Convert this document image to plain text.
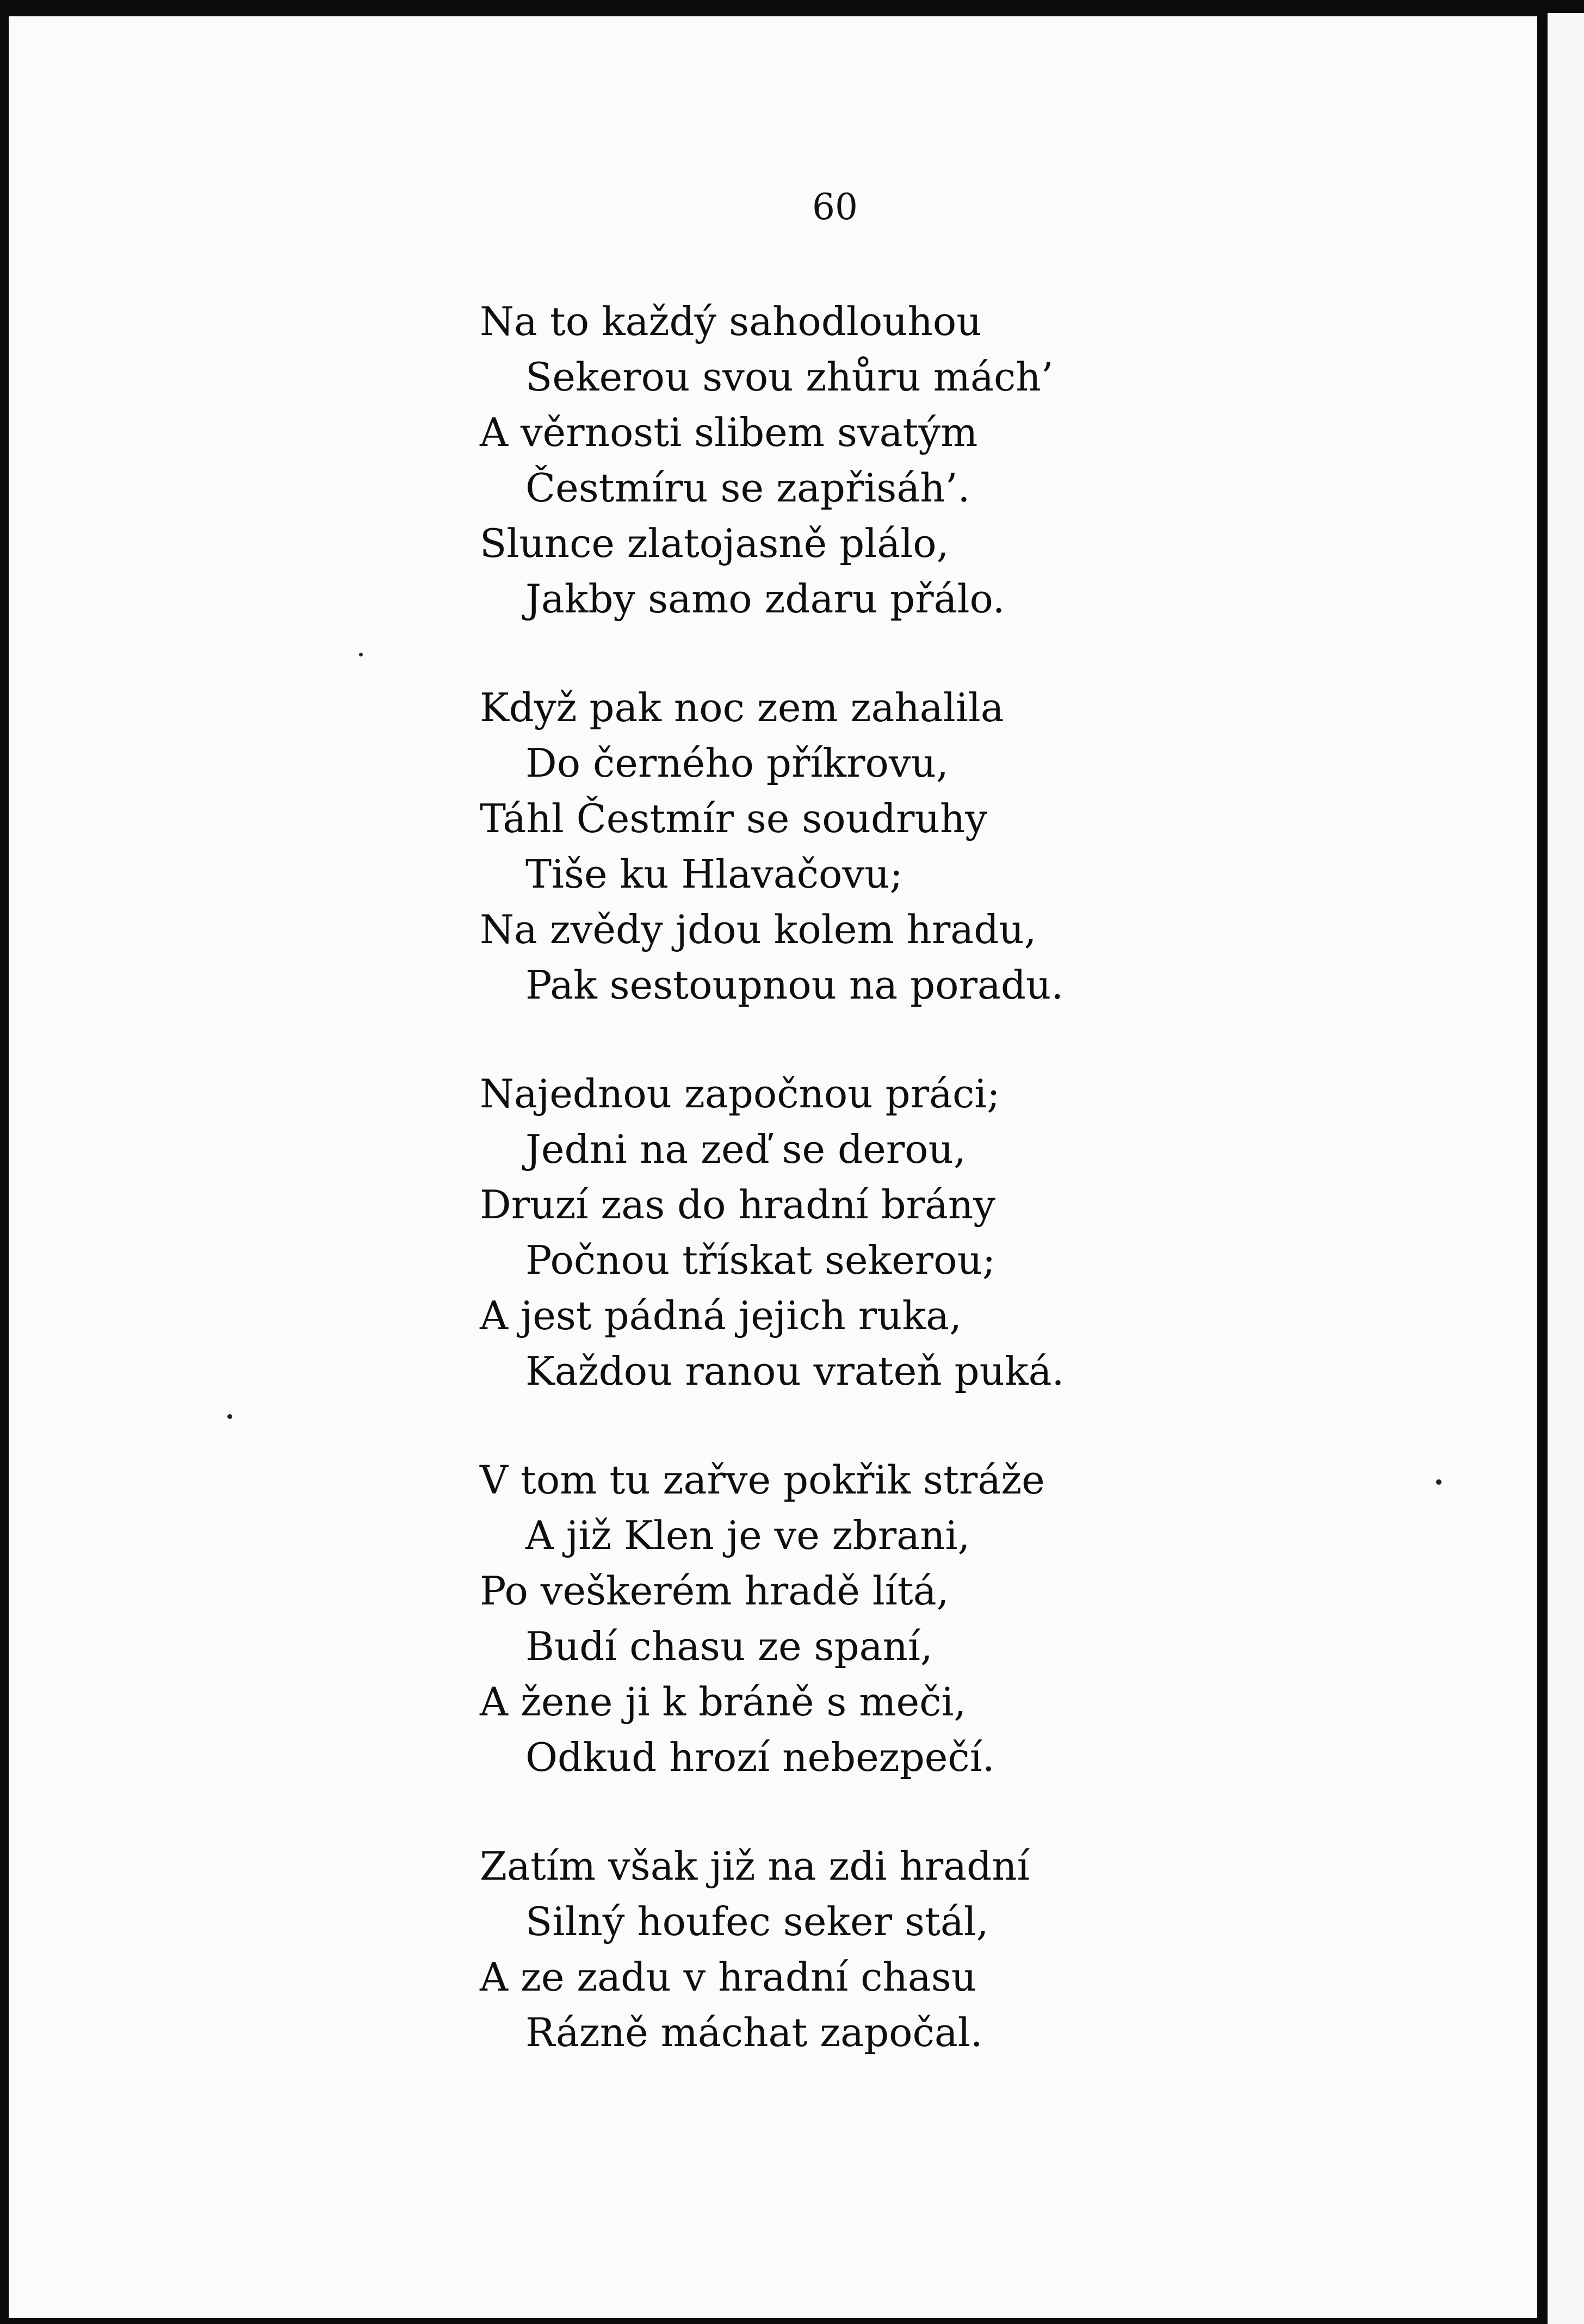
60
Na to každý sahodlouhou
Sekerou svou zhůru mách’
A věrnosti slibem svatým
Čestmíru se zapřisáh’.
Slunce zlatojasně plálo,
Jakby samo zdaru přálo.
Když pak noc zem zahalila
Do černého příkrovu,
Táhl Čestmír se soudruhy
Tiše ku Hlavačovu;
Na zvědy jdou kolem hradu,
Pak sestoupnou na poradu.
Najednou započnou práci;
Jedni na zeď se derou,
Druzí zas do hradní brány
Počnou třískat sekerou;
A jest pádná jejich ruka,
Každou ranou vrateň puká.
V tom tu zařve pokřik stráže
A již Klen je ve zbrani,
Po veškerém hradě lítá,
Budí chasu ze spaní,
A žene ji k bráně s meči,
Odkud hrozí nebezpečí.
Zatím však již na zdi hradní
Silný houfec seker stál,
A ze zadu v hradní chasu
Rázně máchat započal.
